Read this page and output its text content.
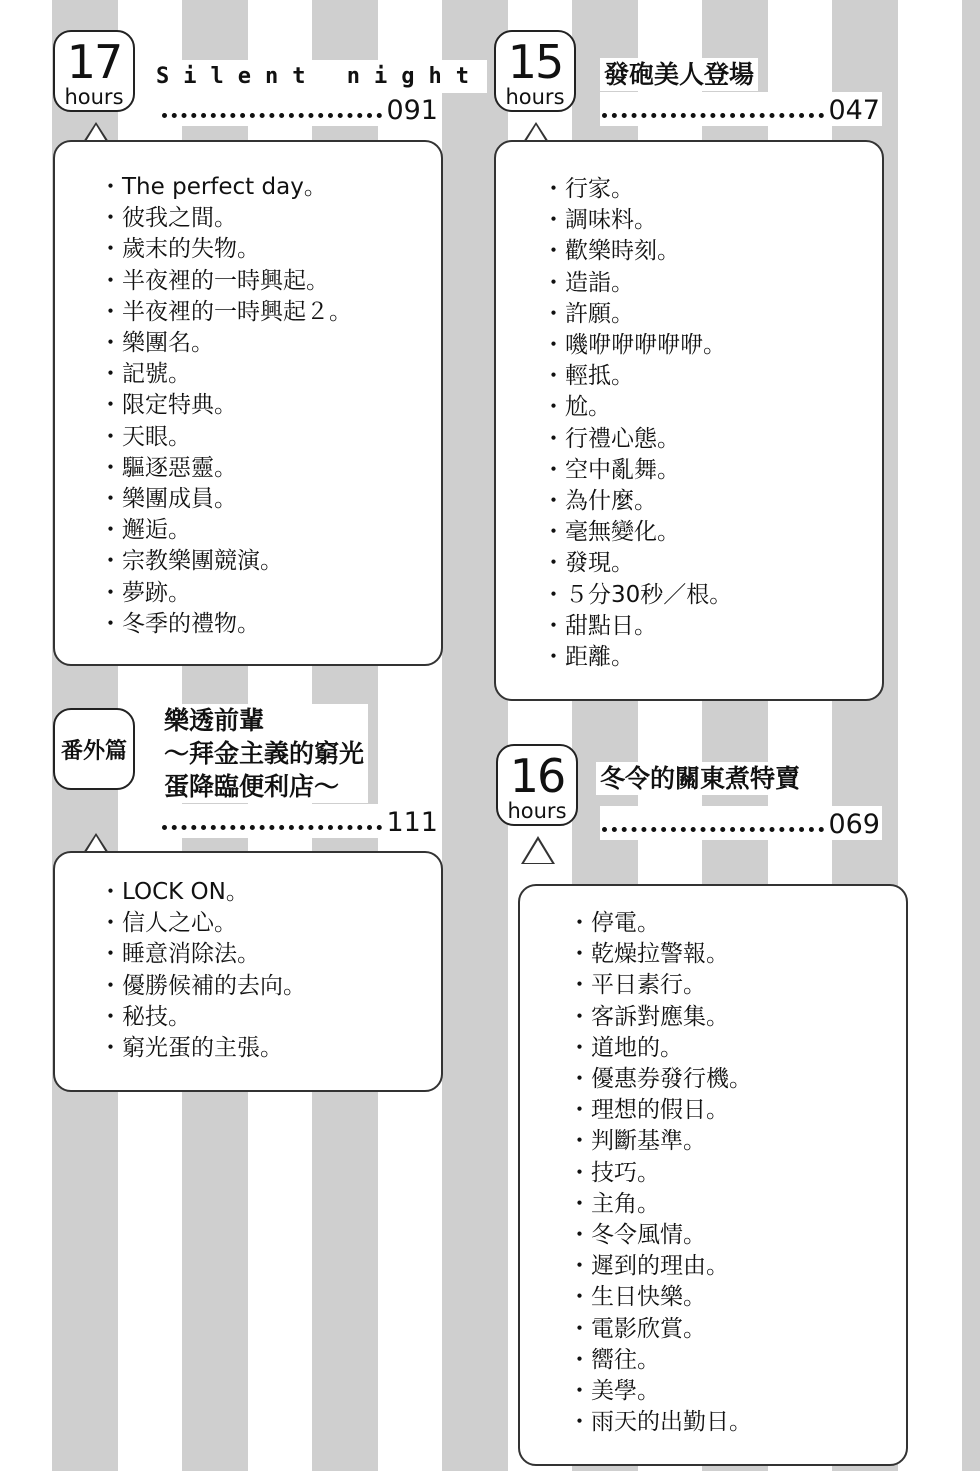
17
hours
Silent night
091
・ The perfect day。
・ 彼我之間。
・ 歲末的失物。
・ 半夜裡的一時興起。
・ 半夜裡的一時興起２。
・ 樂團名。
・ 記號。
・ 限定特典。
・ 天眼。
・ 驅逐惡靈。
・ 樂團成員。
・ 邂逅。
・ 宗教樂團競演。
・ 夢跡。
・ 冬季的禮物。
15
hours
發砲美人登場
047
・ 行家。
・ 調味料。
・ 歡樂時刻。
・ 造詣。
・ 許願。
・ 嘰咿咿咿咿咿。
・ 輕抵。
・ 尬。
・ 行禮心態。
・ 空中亂舞。
・ 為什麼。
・ 毫無變化。
・ 發現。
・ ５分30秒／根。
・ 甜點日。
・ 距離。
番外篇
樂透前輩
～拜金主義的窮光
蛋降臨便利店～
111
・ LOCK ON。
・ 信人之心。
・ 睡意消除法。
・ 優勝候補的去向。
・ 秘技。
・ 窮光蛋的主張。
16
hours
冬令的關東煮特賣
069
・ 停電。
・ 乾燥拉警報。
・ 平日素行。
・ 客訴對應集。
・ 道地的。
・ 優惠券發行機。
・ 理想的假日。
・ 判斷基準。
・ 技巧。
・ 主角。
・ 冬令風情。
・ 遲到的理由。
・ 生日快樂。
・ 電影欣賞。
・ 嚮往。
・ 美學。
・ 雨天的出勤日。
